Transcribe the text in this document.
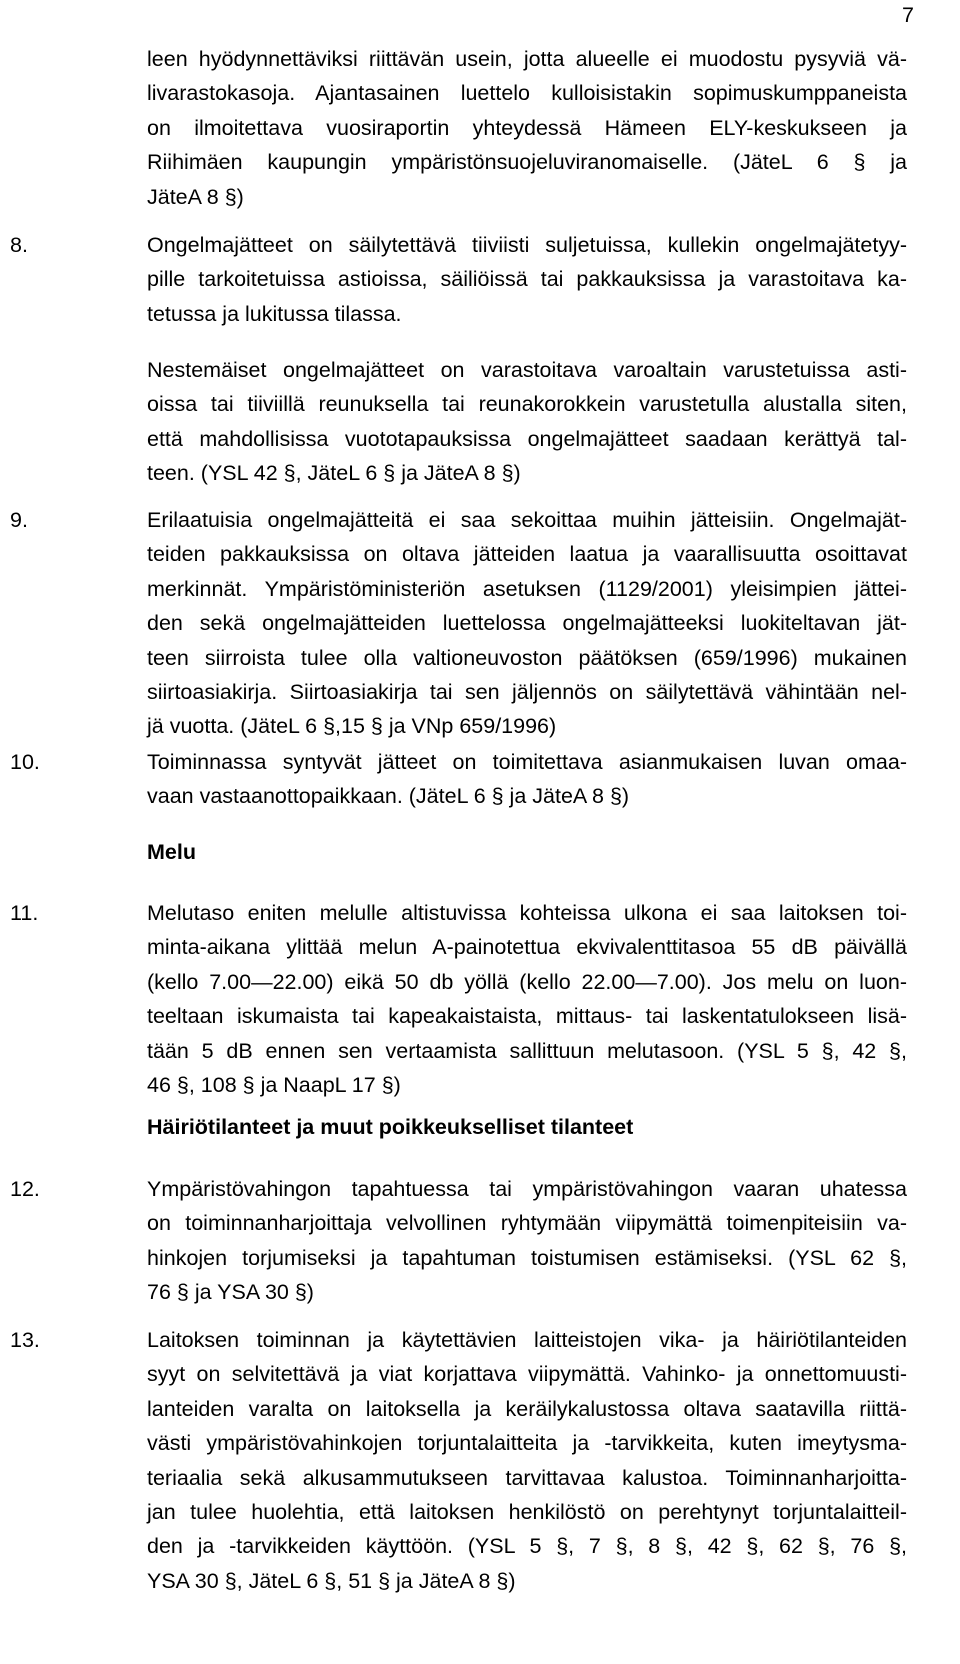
7
leen hyödynnettäviksi riittävän usein, jotta alueelle ei muodostu pysyviä vä-
livarastokasoja. Ajantasainen luettelo kulloisistakin sopimuskumppaneista
on ilmoitettava vuosiraportin yhteydessä Hämeen ELY-keskukseen ja
Riihimäen kaupungin ympäristönsuojeluviranomaiselle. (JäteL 6 § ja
JäteA 8 §)
8.	Ongelmajätteet on säilytettävä tiiviisti suljetuissa, kullekin ongelmajätetyy-
pille tarkoitetuissa astioissa, säiliöissä tai pakkauksissa ja varastoitava ka-
tetussa ja lukitussa tilassa.
Nestemäiset ongelmajätteet on varastoitava varoaltain varustetuissa asti-
oissa tai tiiviillä reunuksella tai reunakorokkein varustetulla alustalla siten,
että mahdollisissa vuototapauksissa ongelmajätteet saadaan kerättyä tal-
teen. (YSL 42 §, JäteL 6 § ja JäteA 8 §)
9.	Erilaatuisia ongelmajätteitä ei saa sekoittaa muihin jätteisiin. Ongelmajät-
teiden pakkauksissa on oltava jätteiden laatua ja vaarallisuutta osoittavat
merkinnät. Ympäristöministeriön asetuksen (1129/2001) yleisimpien jättei-
den sekä ongelmajätteiden luettelossa ongelmajätteeksi luokiteltavan jät-
teen siirroista tulee olla valtioneuvoston päätöksen (659/1996) mukainen
siirtoasiakirja. Siirtoasiakirja tai sen jäljennös on säilytettävä vähintään nel-
jä vuotta. (JäteL 6 §,15 § ja VNp 659/1996)
10.	Toiminnassa syntyvät jätteet on toimitettava asianmukaisen luvan omaa-
vaan vastaanottopaikkaan. (JäteL 6 § ja JäteA 8 §)
Melu
11.	Melutaso eniten melulle altistuvissa kohteissa ulkona ei saa laitoksen toi-
minta-aikana ylittää melun A-painotettua ekvivalenttitasoa 55 dB päivällä
(kello 7.00—22.00) eikä 50 db yöllä (kello 22.00—7.00). Jos melu on luon-
teeltaan iskumaista tai kapeakaistaista, mittaus- tai laskentatulokseen lisä-
tään 5 dB ennen sen vertaamista sallittuun melutasoon. (YSL 5 §, 42 §,
46 §, 108 § ja NaapL 17 §)
Häiriötilanteet ja muut poikkeukselliset tilanteet
12.	Ympäristövahingon tapahtuessa tai ympäristövahingon vaaran uhatessa
on toiminnanharjoittaja velvollinen ryhtymään viipymättä toimenpiteisiin va-
hinkojen torjumiseksi ja tapahtuman toistumisen estämiseksi. (YSL 62 §,
76 § ja YSA 30 §)
13.	Laitoksen toiminnan ja käytettävien laitteistojen vika- ja häiriötilanteiden
syyt on selvitettävä ja viat korjattava viipymättä. Vahinko- ja onnettomuusti-
lanteiden varalta on laitoksella ja keräilykalustossa oltava saatavilla riittä-
västi ympäristövahinkojen torjuntalaitteita ja -tarvikkeita, kuten imeytysma-
teriaalia sekä alkusammutukseen tarvittavaa kalustoa. Toiminnanharjoitta-
jan tulee huolehtia, että laitoksen henkilöstö on perehtynyt torjuntalaitteil-
den ja -tarvikkeiden käyttöön. (YSL 5 §, 7 §, 8 §, 42 §, 62 §, 76 §,
YSA 30 §, JäteL 6 §, 51 § ja JäteA 8 §)
